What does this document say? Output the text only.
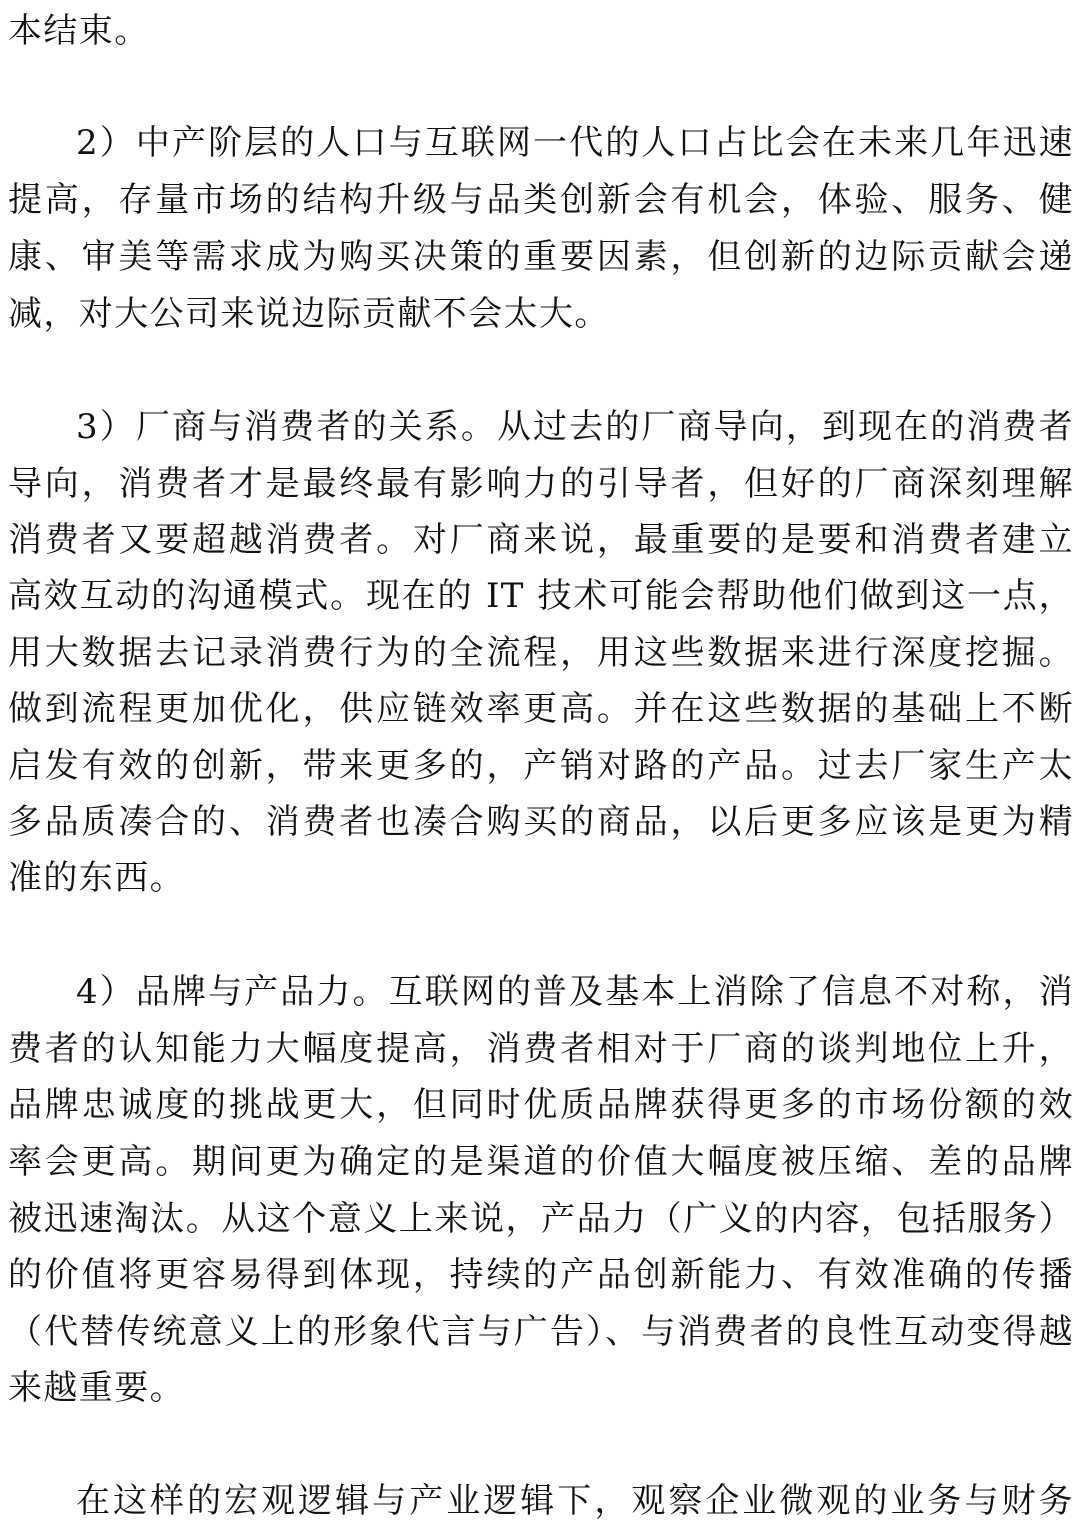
本结束。
2）中产阶层的人口与互联网一代的人口占比会在未来几年迅速
提高，存量市场的结构升级与品类创新会有机会，体验、服务、健
康、审美等需求成为购买决策的重要因素，但创新的边际贡献会递
减，对大公司来说边际贡献不会太大。
3）厂商与消费者的关系。从过去的厂商导向，到现在的消费者
导向，消费者才是最终最有影响力的引导者，但好的厂商深刻理解
消费者又要超越消费者。对厂商来说，最重要的是要和消费者建立
高效互动的沟通模式。现在的 IT 技术可能会帮助他们做到这一点，
用大数据去记录消费行为的全流程，用这些数据来进行深度挖掘。
做到流程更加优化，供应链效率更高。并在这些数据的基础上不断
启发有效的创新，带来更多的，产销对路的产品。过去厂家生产太
多品质凑合的、消费者也凑合购买的商品，以后更多应该是更为精
准的东西。
4）品牌与产品力。互联网的普及基本上消除了信息不对称，消
费者的认知能力大幅度提高，消费者相对于厂商的谈判地位上升，
品牌忠诚度的挑战更大，但同时优质品牌获得更多的市场份额的效
率会更高。期间更为确定的是渠道的价值大幅度被压缩、差的品牌
被迅速淘汰。从这个意义上来说，产品力（广义的内容，包括服务）
的价值将更容易得到体现，持续的产品创新能力、有效准确的传播
（代替传统意义上的形象代言与广告）、与消费者的良性互动变得越
来越重要。
在这样的宏观逻辑与产业逻辑下，观察企业微观的业务与财务
